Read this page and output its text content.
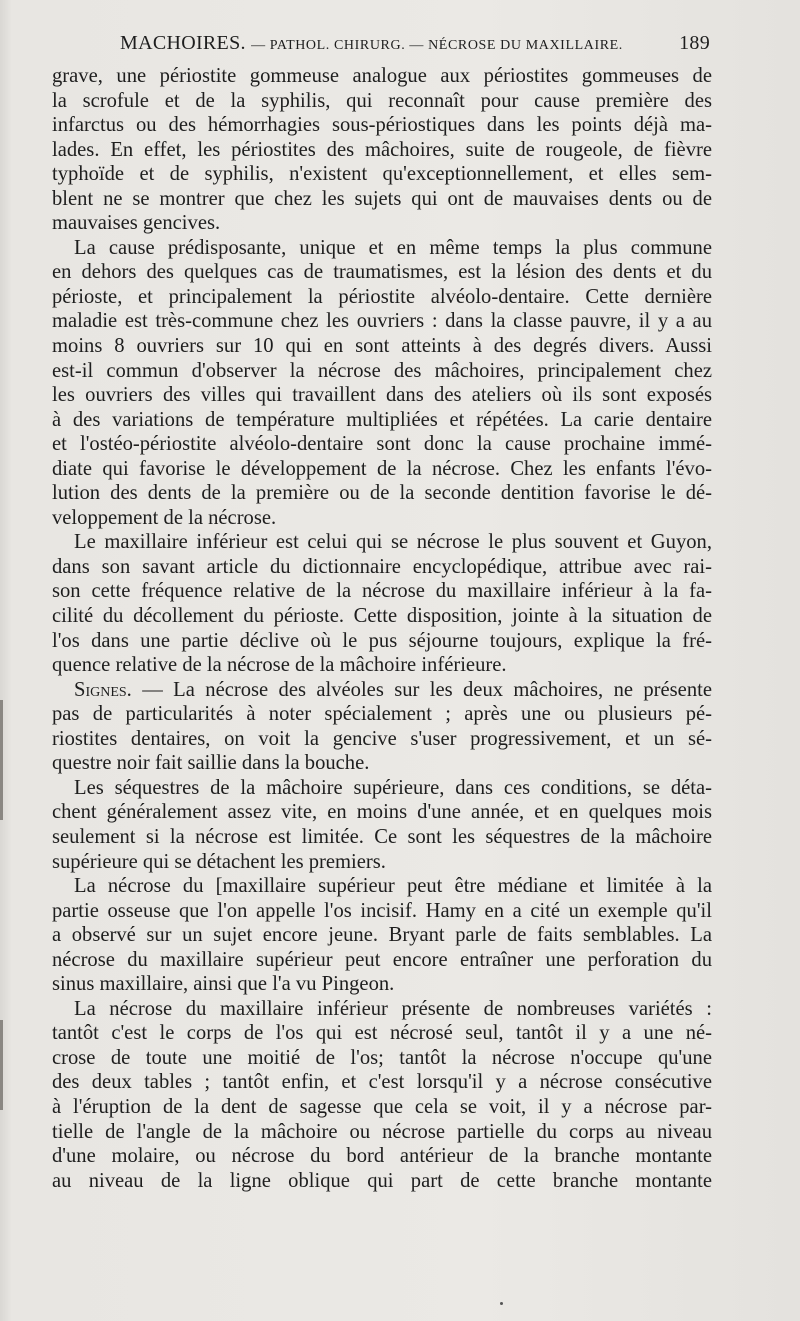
MACHOIRES. — PATHOL. CHIRURG. — NÉCROSE DU MAXILLAIRE.	189

grave, une périostite gommeuse analogue aux périostites gommeuses de

la scrofule et de la syphilis, qui reconnaît pour cause première des

infarctus ou des hémorrhagies sous-périostiques dans les points déjà ma-

lades. En effet, les périostites des mâchoires, suite de rougeole, de fièvre

typhoïde et de syphilis, n'existent qu'exceptionnellement, et elles sem-

blent ne se montrer que chez les sujets qui ont de mauvaises dents ou de

mauvaises gencives.

La cause prédisposante, unique et en même temps la plus commune

en dehors des quelques cas de traumatismes, est la lésion des dents et du

périoste, et principalement la périostite alvéolo-dentaire. Cette dernière

maladie est très-commune chez les ouvriers : dans la classe pauvre, il y a au

moins 8 ouvriers sur 10 qui en sont atteints à des degrés divers. Aussi

est-il commun d'observer la nécrose des mâchoires, principalement chez

les ouvriers des villes qui travaillent dans des ateliers où ils sont exposés

à des variations de température multipliées et répétées. La carie dentaire

et l'ostéo-périostite alvéolo-dentaire sont donc la cause prochaine immé-

diate qui favorise le développement de la nécrose. Chez les enfants l'évo-

lution des dents de la première ou de la seconde dentition favorise le dé-

veloppement de la nécrose.

Le maxillaire inférieur est celui qui se nécrose le plus souvent et Guyon,

dans son savant article du dictionnaire encyclopédique, attribue avec rai-

son cette fréquence relative de la nécrose du maxillaire inférieur à la fa-

cilité du décollement du périoste. Cette disposition, jointe à la situation de

l'os dans une partie déclive où le pus séjourne toujours, explique la fré-

quence relative de la nécrose de la mâchoire inférieure.

Signes. — La nécrose des alvéoles sur les deux mâchoires, ne présente

pas de particularités à noter spécialement ; après une ou plusieurs pé-

riostites dentaires, on voit la gencive s'user progressivement, et un sé-

questre noir fait saillie dans la bouche.

Les séquestres de la mâchoire supérieure, dans ces conditions, se déta-

chent généralement assez vite, en moins d'une année, et en quelques mois

seulement si la nécrose est limitée. Ce sont les séquestres de la mâchoire

supérieure qui se détachent les premiers.

La nécrose du [maxillaire supérieur peut être médiane et limitée à la

partie osseuse que l'on appelle l'os incisif. Hamy en a cité un exemple qu'il

a observé sur un sujet encore jeune. Bryant parle de faits semblables. La

nécrose du maxillaire supérieur peut encore entraîner une perforation du

sinus maxillaire, ainsi que l'a vu Pingeon.

La nécrose du maxillaire inférieur présente de nombreuses variétés :

tantôt c'est le corps de l'os qui est nécrosé seul, tantôt il y a une né-

crose de toute une moitié de l'os; tantôt la nécrose n'occupe qu'une

des deux tables ; tantôt enfin, et c'est lorsqu'il y a nécrose consécutive

à l'éruption de la dent de sagesse que cela se voit, il y a nécrose par-

tielle de l'angle de la mâchoire ou nécrose partielle du corps au niveau

d'une molaire, ou nécrose du bord antérieur de la branche montante

au niveau de la ligne oblique qui part de cette branche montante
